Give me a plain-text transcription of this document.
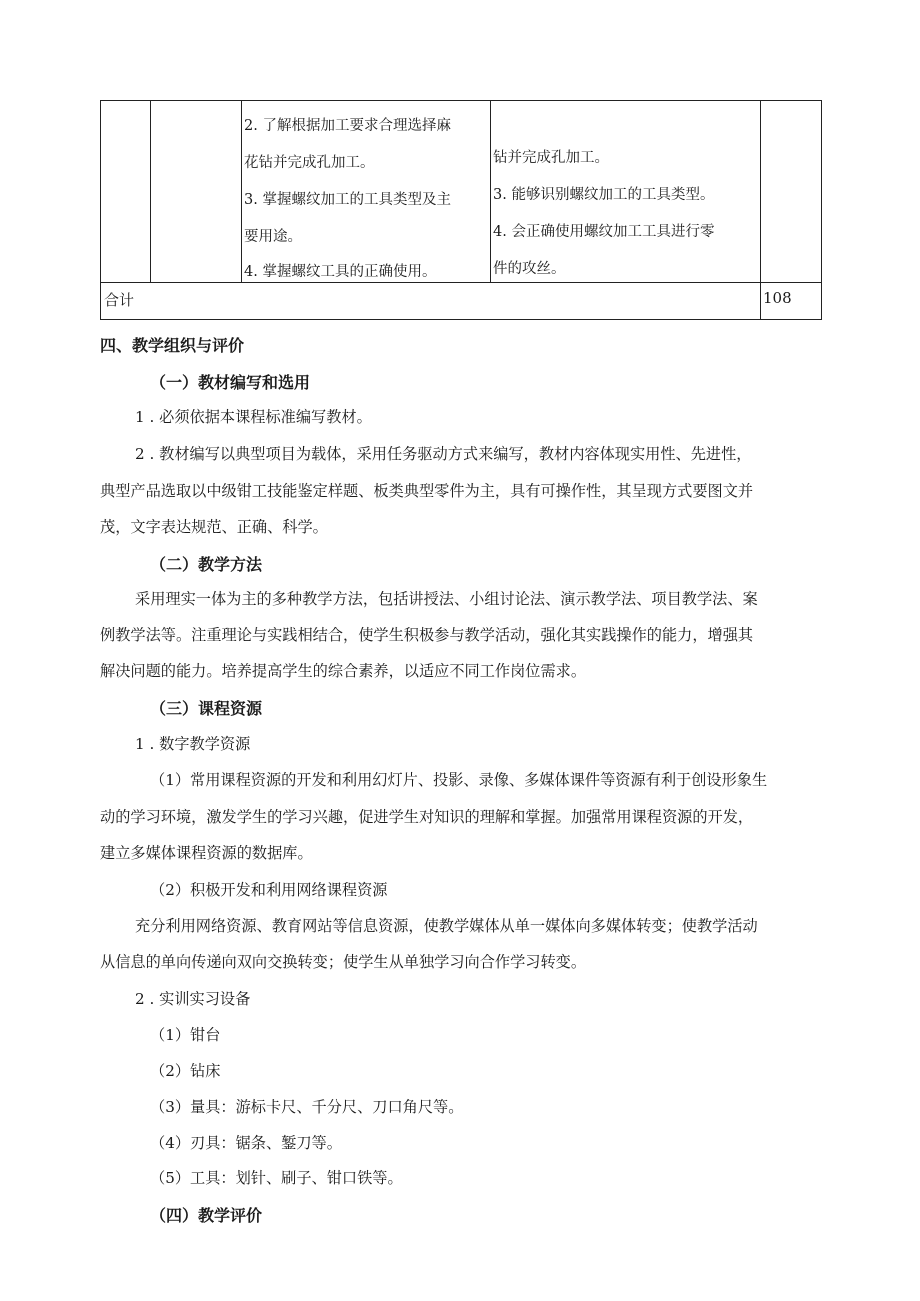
2. 了解根据加工要求合理选择麻
花钻并完成孔加工。
3. 掌握螺纹加工的工具类型及主
要用途。
4. 掌握螺纹工具的正确使用。
钻并完成孔加工。
3. 能够识别螺纹加工的工具类型。
4. 会正确使用螺纹加工工具进行零
件的攻丝。
合计	108
四、教学组织与评价
（一）教材编写和选用
1 . 必须依据本课程标准编写教材。
2 . 教材编写以典型项目为载体，采用任务驱动方式来编写，教材内容体现实用性、先进性，
典型产品选取以中级钳工技能鉴定样题、板类典型零件为主，具有可操作性，其呈现方式要图文并
茂，文字表达规范、正确、科学。
（二）教学方法
采用理实一体为主的多种教学方法，包括讲授法、小组讨论法、演示教学法、项目教学法、案
例教学法等。注重理论与实践相结合，使学生积极参与教学活动，强化其实践操作的能力，增强其
解决问题的能力。培养提高学生的综合素养，以适应不同工作岗位需求。
（三）课程资源
1 . 数字教学资源
（1）常用课程资源的开发和利用幻灯片、投影、录像、多媒体课件等资源有利于创设形象生
动的学习环境，激发学生的学习兴趣，促进学生对知识的理解和掌握。加强常用课程资源的开发，
建立多媒体课程资源的数据库。
（2）积极开发和利用网络课程资源
充分利用网络资源、教育网站等信息资源，使教学媒体从单一媒体向多媒体转变；使教学活动
从信息的单向传递向双向交换转变；使学生从单独学习向合作学习转变。
2 . 实训实习设备
（1）钳台
（2）钻床
（3）量具：游标卡尺、千分尺、刀口角尺等。
（4）刃具：锯条、錾刀等。
（5）工具：划针、刷子、钳口铁等。
（四）教学评价
